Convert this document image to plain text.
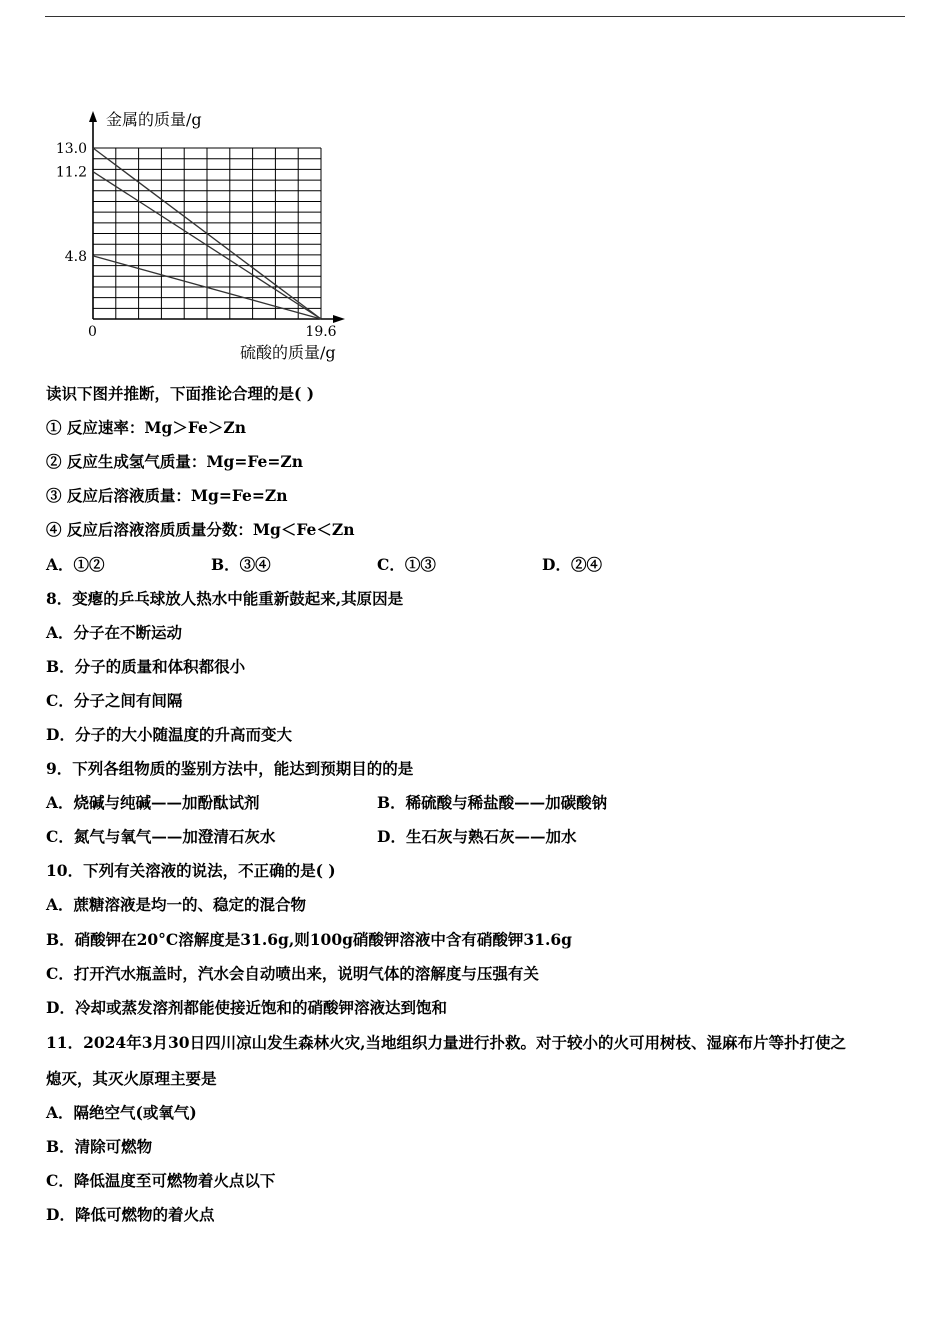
金属的质量/g
硫酸的质量/g
0
13.0
11.2
4.8
19.6
读识下图并推断，下面推论合理的是( )
① 反应速率：Mg＞Fe＞Zn
② 反应生成氢气质量：Mg=Fe=Zn
③ 反应后溶液质量：Mg=Fe=Zn
④ 反应后溶液溶质质量分数：Mg＜Fe＜Zn
A．①②	B．③④	C．①③	D．②④
8．变瘪的乒乓球放人热水中能重新鼓起来,其原因是
A．分子在不断运动
B．分子的质量和体积都很小
C．分子之间有间隔
D．分子的大小随温度的升高而变大
9．下列各组物质的鉴别方法中，能达到预期目的的是
A．烧碱与纯碱——加酚酞试剂	B．稀硫酸与稀盐酸——加碳酸钠
C．氮气与氧气——加澄清石灰水	D．生石灰与熟石灰——加水
10．下列有关溶液的说法，不正确的是( )
A．蔗糖溶液是均一的、稳定的混合物
B．硝酸钾在20°C溶解度是31.6g,则100g硝酸钾溶液中含有硝酸钾31.6g
C．打开汽水瓶盖时，汽水会自动喷出来，说明气体的溶解度与压强有关
D．冷却或蒸发溶剂都能使接近饱和的硝酸钾溶液达到饱和
11．2024年3月30日四川凉山发生森林火灾,当地组织力量进行扑救。对于较小的火可用树枝、湿麻布片等扑打使之
熄灭，其灭火原理主要是
A．隔绝空气(或氧气)
B．清除可燃物
C．降低温度至可燃物着火点以下
D．降低可燃物的着火点
